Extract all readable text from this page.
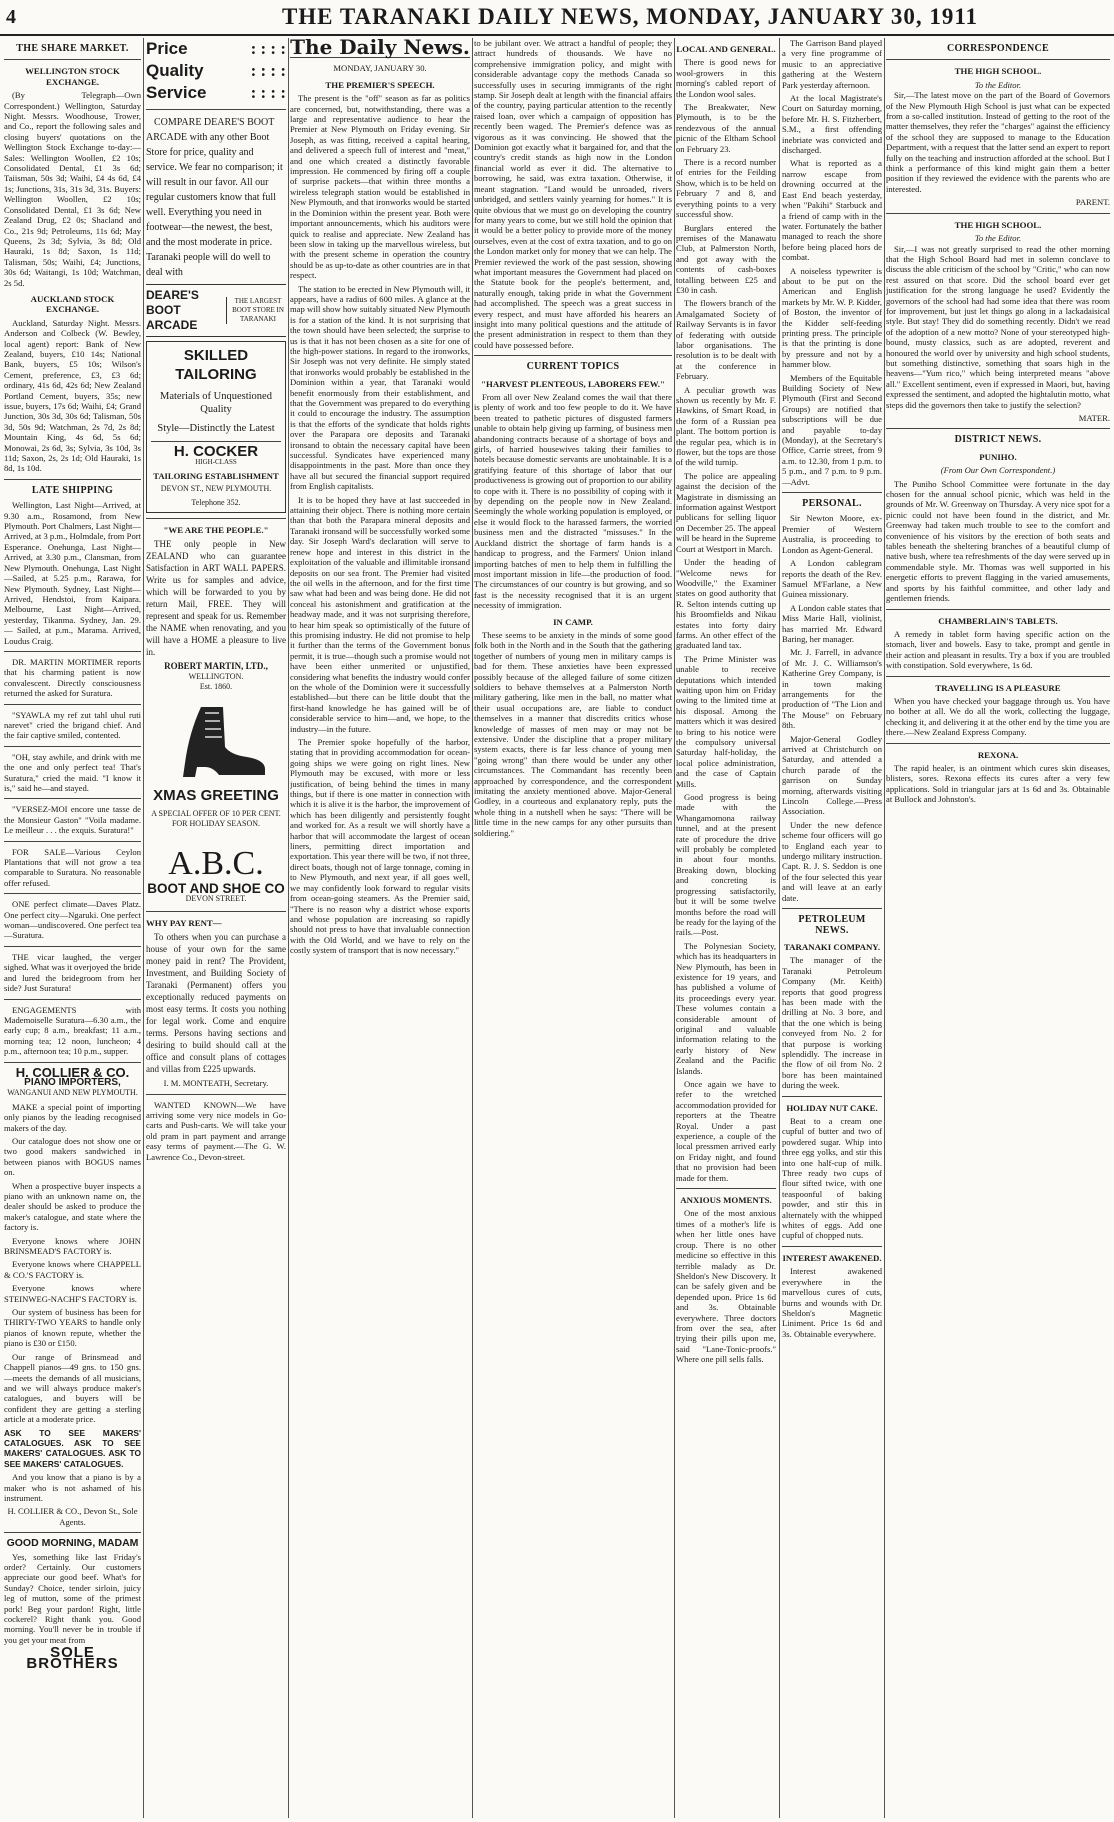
4	THE TARANAKI DAILY NEWS, MONDAY, JANUARY 30, 1911
THE SHARE MARKET.
WELLINGTON STOCK EXCHANGE.

(By Telegraph—Own Correspondent.) Wellington, Saturday Night. Messrs. Woodhouse, Trower, and Co., report the following sales and closing buyers' quotations on the Wellington Stock Exchange to-day:—Sales: Wellington Woollen, £2 10s; Consolidated Dental, £1 3s 6d; Taiisman, 50s 3d; Waihi, £4 4s 6d, £4 1s; Junctions, 31s, 31s 3d, 31s. Buyers: Wellington Woollen, £2 10s; Consolidated Dental, £1 3s 6d; New Zealand Drug, £2 0s; Shacland and Co., 21s 9d; Petroleums, 11s 6d; May Queens, 2s 3d; Sylvia, 3s 8d; Old Hauraki, 1s 8d; Saxon, 1s 11d; Talisman, 50s; Waihi, £4; Junctions, 30s 6d; Waitangi, 1s 10d; Watchman, 2s 5d.

AUCKLAND STOCK EXCHANGE.

Auckland, Saturday Night. Messrs. Anderson and Colbeck (W. Bewley, local agent) report: Bank of New Zealand, buyers, £10 14s; National Bank, buyers, £5 10s; Wilson's Cement, preference, £3, £3 6d; ordinary, 41s 6d, 42s 6d; New Zealand Portland Cement, buyers, 35s; new issue, buyers, 17s 6d; Waihi, £4; Grand Junction, 30s 3d, 30s 6d; Talisman, 50s 3d, 50s 9d; Watchman, 2s 7d, 2s 8d; Mountain King, 4s 6d, 5s 6d; Monowai, 2s 6d, 3s; Sylvia, 3s 10d, 3s 11d; Saxon, 2s, 2s 1d; Old Hauraki, 1s 8d, 1s 10d.

LATE SHIPPING

Wellington, Last Night—Arrived, at 9.30 a.m., Rosamond, from New Plymouth. Port Chalmers, Last Night—Arrived, at 3 p.m., Holmdale, from Port Esperance. Onehunga, Last Night—Arrived, at 3.30 p.m., Clansman, from New Plymouth. Onehunga, Last Night—Sailed, at 5.25 p.m., Rarawa, for New Plymouth. Sydney, Last Night—Arrived, Hendstoi, from Kaipara. Melbourne, Last Night—Arrived, yesterday, Tikanma. Sydney, Jan. 29. — Sailed, at p.m., Marama. Arrived, Loudus Craig.

DR. MARTIN MORTIMER reports that his charming patient is now convalescent. Directly consciousness returned the asked for Suratura.

"SYAWLA my ref zut tahl uhul ruti narevet" cried the brigand chief. And the fair captive smiled, contented.

"OH, stay awhile, and drink with me the one and only perfect tea! That's Suratura," cried the maid. "I know it is," said he—and stayed.

"VERSEZ-MOI encore une tasse de the Monsieur Gaston" "Voila madame. Le meilleur . . . the exquis. Suratura!"

FOR SALE—Various Ceylon Plantations that will not grow a tea comparable to Suratura. No reasonable offer refused.

ONE perfect climate—Daves Platz. One perfect city—Ngaruki. One perfect woman—undiscovered. One perfect tea—Suratura.

THE vicar laughed, the verger sighed. What was it overjoyed the bride and lured the bridegroom from her side? Just Suratura!

ENGAGEMENTS with Mademoiselle Suratura—6.30 a.m., the early cup; 8 a.m., breakfast; 11 a.m., morning tea; 12 noon, luncheon; 4 p.m., afternoon tea; 10 p.m., supper.

H. COLLIER & CO.
PIANO IMPORTERS,
WANGANUI AND NEW PLYMOUTH.

MAKE a special point of importing only pianos by the leading recognised makers of the day.

Our catalogue does not show one or two good makers sandwiched in between pianos with BOGUS names on.

When a prospective buyer inspects a piano with an unknown name on, the dealer should be asked to produce the maker's catalogue, and state where the factory is.

Everyone knows where JOHN BRINSMEAD'S FACTORY is.

Everyone knows where CHAPPELL & CO.'S FACTORY is.

Everyone knows where STEINWEG-NACHF'S FACTORY is.

Our system of business has been for THIRTY-TWO YEARS to handle only pianos of known repute, whether the piano is £30 or £150.

Our range of Brinsmead and Chappell pianos—49 gns. to 150 gns.—meets the demands of all musicians, and we will always produce maker's catalogues, and buyers will be confident they are getting a sterling article at a moderate price.

ASK TO SEE MAKERS' CATALOGUES. ASK TO SEE MAKERS' CATALOGUES. ASK TO SEE MAKERS' CATALOGUES.

And you know that a piano is by a maker who is not ashamed of his instrument.

H. COLLIER & CO., Devon St., Sole Agents.

GOOD MORNING, MADAM

Yes, something like last Friday's order? Certainly. Our customers appreciate our good beef. What's for Sunday? Choice, tender sirloin, juicy leg of mutton, some of the primest pork! Beg your pardon! Right, little cockerel? Right thank you. Good morning. You'll never be in trouble if you get your meat from

SOLE BROTHERS
Price	: : : :
Quality	: : : :
Service	: : : :

COMPARE DEARE'S BOOT ARCADE with any other Boot Store for price, quality and service. We fear no comparison; it will result in our favor. All our regular customers know that full well. Everything you need in footwear—the newest, the best, and the most moderate in price. Taranaki people will do well to deal with

DEARE'S BOOT ARCADE
THE LARGEST BOOT STORE IN TARANAKI
SKILLED TAILORING
Materials of Unquestioned Quality
Style—Distinctly the Latest
H. COCKER
HIGH-CLASS
TAILORING ESTABLISHMENT
DEVON ST., NEW PLYMOUTH.
Telephone 352.
"WE ARE THE PEOPLE."

THE only people in New ZEALAND who can guarantee Satisfaction in ART WALL PAPERS. Write us for samples and advice, which will be forwarded to you by return Mail, FREE. They will represent and speak for us. Remember the NAME when renovating, and you will have a HOME a pleasure to live in.

ROBERT MARTIN, LTD.,
WELLINGTON.
Est. 1860.
XMAS GREETING
A SPECIAL OFFER OF 10 PER CENT. FOR HOLIDAY SEASON.
A.B.C.
BOOT AND SHOE CO
DEVON STREET.
WHY PAY RENT—

To others when you can purchase a house of your own for the same money paid in rent? The Provident, Investment, and Building Society of Taranaki (Permanent) offers you exceptionally reduced payments on most easy terms. It costs you nothing for legal work. Come and enquire terms. Persons having sections and desiring to build should call at the office and consult plans of cottages and villas from £225 upwards.

I. M. MONTEATH, Secretary.

WANTED KNOWN—We have arriving some very nice models in Go-carts and Push-carts. We will take your old pram in part payment and arrange easy terms of payment.—The G. W. Lawrence Co., Devon-street.

The Daily News.
MONDAY, JANUARY 30.
THE PREMIER'S SPEECH.

The present is the "off" season as far as politics are concerned, but, notwithstanding, there was a large and representative audience to hear the Premier at New Plymouth on Friday evening. Sir Joseph, as was fitting, received a capital hearing, and delivered a speech full of interest and "meat," and one which created a distinctly favorable impression. He commenced by firing off a couple of surprise packets—that within three months a wireless telegraph station would be established in New Plymouth, and that ironworks would be started in the Dominion within the present year. Both were important announcements, which his auditors were quick to realise and appreciate. New Zealand has been slow in taking up the marvellous wireless, but with the present scheme in operation the country should be as up-to-date as other countries are in that respect.

The station to be erected in New Plymouth will, it appears, have a radius of 600 miles. A glance at the map will show how suitably situated New Plymouth is for a station of the kind. It is not surprising that the town should have been selected; the surprise to us is that it has not been chosen as a site for one of the high-power stations. In regard to the ironworks, Sir Joseph was not very definite. He simply stated that ironworks would probably be established in the Dominion within a year, that Taranaki would benefit enormously from their establishment, and that the Government was prepared to do everything it could to encourage the industry. The assumption is that the efforts of the syndicate that holds rights over the Parapara ore deposits and Taranaki ironsand to obtain the necessary capital have been successful. Syndicates have experienced many disappointments in the past. More than once they have all but secured the financial support required from English capitalists.

It is to be hoped they have at last succeeded in attaining their object. There is nothing more certain than that both the Parapara mineral deposits and Taranaki ironsand will be successfully worked some day. Sir Joseph Ward's declaration will serve to renew hope and interest in this district in the exploitation of the valuable and illimitable ironsand deposits on our sea front. The Premier had visited the oil wells in the afternoon, and for the first time saw what had been and was being done. He did not conceal his astonishment and gratification at the headway made, and it was not surprising therefore, to hear him speak so optimistically of the future of this promising industry. He did not promise to help it further than the terms of the Government bonus permit, it is true—though such a promise would not have been either unmerited or unjustified, considering what benefits the industry would confer on the whole of the Dominion were it successfully established—but there can be little doubt that the first-hand knowledge he has gained will be of considerable service to him—and, we hope, to the industry—in the future.

The Premier spoke hopefully of the harbor, stating that in providing accommodation for ocean-going ships we were going on right lines. New Plymouth may be excused, with more or less justification, of being behind the times in many things, but if there is one matter in connection with which it is alive it is the harbor, the improvement of which has been diligently and persistently fought and worked for. As a result we will shortly have a harbor that will accommodate the largest of ocean liners, permitting direct importation and exportation. This year there will be two, if not three, direct boats, though not of large tonnage, coming in to New Plymouth, and next year, if all goes well, we may confidently look forward to regular visits from ocean-going steamers. As the Premier said, "There is no reason why a district whose exports and whose population are increasing so rapidly should not press to have that invaluable connection with the Old World, and we have to rely on the costly system of transport that is now necessary."

to be jubilant over. We attract a handful of people; they attract hundreds of thousands. We have no comprehensive immigration policy, and might with considerable advantage copy the methods Canada so successfully uses in securing immigrants of the right stamp. Sir Joseph dealt at length with the financial affairs of the country, paying particular attention to the recently raised loan, over which a campaign of opposition has recently been waged. The Premier's defence was as vigorous as it was convincing. He showed that the Dominion got exactly what it bargained for, and that the country's credit stands as high now in the London financial world as ever it did. The alternative to borrowing, he said, was extra taxation. Otherwise, it meant stagnation. "Land would be unroaded, rivers unbridged, and settlers vainly yearning for homes." It is quite obvious that we must go on developing the country for many years to come, but we still hold the opinion that it would be a better policy to provide more of the money ourselves, even at the cost of extra taxation, and to go on the London market only for money that we can help. The Premier reviewed the work of the past session, showing what important measures the Government had placed on the Statute book for the people's betterment, and, naturally enough, taking pride in what the Government had accomplished. The speech was a great success in every respect, and must have afforded his hearers an insight into many political questions and the attitude of the present administration in respect to them than they could have possessed before.

CURRENT TOPICS
"HARVEST PLENTEOUS, LABORERS FEW."

From all over New Zealand comes the wail that there is plenty of work and too few people to do it. We have been treated to pathetic pictures of disgusted farmers unable to obtain help giving up farming, of business men abandoning contracts because of a shortage of boys and girls, of harried housewives taking their families to hotels because domestic servants are unobtainable. It is a gratifying feature of this shortage of labor that our productiveness is growing out of proportion to our ability to cope with it. There is no possibility of coping with it by depending on the people now in New Zealand. Seemingly the whole working population is employed, or else it would flock to the harassed farmers, the worried business men and the distracted "missuses." In the Auckland district the shortage of farm hands is a handicap to progress, and the Farmers' Union inland importing batches of men to help them in fulfilling the most important mission in life—the production of food. The circumstances of our country is but growing, and so fast is the necessity recognised that it is an urgent necessity of immigration.

IN CAMP.

These seems to be anxiety in the minds of some good folk both in the North and in the South that the gathering together of numbers of young men in military camps is bad for them. These anxieties have been expressed possibly because of the alleged failure of some citizen soldiers to behave themselves at a Palmerston North military gathering, like men in the ball, no matter what their usual occupations are, are liable to conduct themselves in a manner that discredits critics whose knowledge of masses of men may or may not be extensive. Under the discipline that a proper military system exacts, there is far less chance of young men "going wrong" than there would be under any other circumstances. The Commandant has recently been approached by correspondence, and the correspondent imitating the anxiety mentioned above. Major-General Godley, in a courteous and explanatory reply, puts the whole thing in a nutshell when he says: "There will be little time in the new camps for any other pursuits than soldiering."

LOCAL AND GENERAL.

There is good news for wool-growers in this morning's cabled report of the London wool sales.

The Breakwater, New Plymouth, is to be the rendezvous of the annual picnic of the Eltham School on February 23.

There is a record number of entries for the Feilding Show, which is to be held on February 7 and 8, and everything points to a very successful show.

Burglars entered the premises of the Manawatu Club, at Palmerston North, and got away with the contents of cash-boxes totalling between £25 and £30 in cash.

The flowers branch of the Amalgamated Society of Railway Servants is in favor of federating with outside labor organisations. The resolution is to be dealt with at the conference in February.

A peculiar growth was shown us recently by Mr. F. Hawkins, of Smart Road, in the form of a Russian pea plant. The bottom portion is the regular pea, which is in flower, but the tops are those of the wild turnip.

The police are appealing against the decision of the Magistrate in dismissing an information against Westport publicans for selling liquor on December 25. The appeal will be heard in the Supreme Court at Westport in March.

Under the heading of "Welcome news for Woodville," the Examiner states on good authority that R. Selton intends cutting up his Broomfields and Nikau estates into forty dairy farms. An other effect of the graduated land tax.

The Prime Minister was unable to receive deputations which intended waiting upon him on Friday owing to the limited time at his disposal. Among the matters which it was desired to bring to his notice were the compulsory universal Saturday half-holiday, the local police administration, and the case of Captain Mills.

Good progress is being made with the Whangamomona railway tunnel, and at the present rate of procedure the drive will probably be completed in about four months. Breaking down, blocking and concreting is progressing satisfactorily, but it will be some twelve months before the road will be ready for the laying of the rails.—Post.

The Polynesian Society, which has its headquarters in New Plymouth, has been in existence for 19 years, and has published a volume of its proceedings every year. These volumes contain a considerable amount of original and valuable information relating to the early history of New Zealand and the Pacific Islands.

Once again we have to refer to the wretched accommodation provided for reporters at the Theatre Royal. Under a past experience, a couple of the local pressmen arrived early on Friday night, and found that no provision had been made for them.

ANXIOUS MOMENTS.

One of the most anxious times of a mother's life is when her little ones have croup. There is no other medicine so effective in this terrible malady as Dr. Sheldon's New Discovery. It can be safely given and be depended upon. Price 1s 6d and 3s. Obtainable everywhere. Three doctors from over the sea, after trying their pills upon me, said "Lane-Tonic-proofs." Where one pill sells falls.

The Garrison Band played a very fine programme of music to an appreciative gathering at the Western Park yesterday afternoon.

At the local Magistrate's Court on Saturday morning, before Mr. H. S. Fitzherbert, S.M., a first offending inebriate was convicted and discharged.

What is reported as a narrow escape from drowning occurred at the East End beach yesterday, when "Pakihi" Starbuck and a friend of camp with in the water. Fortunately the bather managed to reach the shore before being placed hors de combat.

A noiseless typewriter is about to be put on the American and English markets by Mr. W. P. Kidder, of Boston, the inventor of the Kidder self-feeding printing press. The principle is that the printing is done by pressure and not by a hammer blow.

Members of the Equitable Building Society of New Plymouth (First and Second Groups) are notified that subscriptions will be due and payable to-day (Monday), at the Secretary's Office, Carrie street, from 9 a.m. to 12.30, from 1 p.m. to 5 p.m., and 7 p.m. to 9 p.m.—Advt.

PERSONAL.

Sir Newton Moore, ex-Premier of Western Australia, is proceeding to London as Agent-General.

A London cablegram reports the death of the Rev. Samuel M'Farlane, a New Guinea missionary.

A London cable states that Miss Marie Hall, violinist, has married Mr. Edward Baring, her manager.

Mr. J. Farrell, in advance of Mr. J. C. Williamson's Katherine Grey Company, is in town making arrangements for the production of "The Lion and The Mouse" on February 8th.

Major-General Godley arrived at Christchurch on Saturday, and attended a church parade of the garrison on Sunday morning, afterwards visiting Lincoln College.—Press Association.

Under the new defence scheme four officers will go to England each year to undergo military instruction. Capt. R. J. S. Seddon is one of the four selected this year and will leave at an early date.

PETROLEUM NEWS.
TARANAKI COMPANY.

The manager of the Taranaki Petroleum Company (Mr. Keith) reports that good progress has been made with the drilling at No. 3 bore, and that the one which is being conveyed from No. 2 for that purpose is working splendidly. The increase in the flow of oil from No. 2 bore has been maintained during the week.

HOLIDAY NUT CAKE.

Beat to a cream one cupful of butter and two of powdered sugar. Whip into three egg yolks, and stir this into one half-cup of milk. Three ready two cups of flour sifted twice, with one teaspoonful of baking powder, and stir this in alternately with the whipped whites of eggs. Add one cupful of chopped nuts.

INTEREST AWAKENED.

Interest awakened everywhere in the marvellous cures of cuts, burns and wounds with Dr. Sheldon's Magnetic Liniment. Price 1s 6d and 3s. Obtainable everywhere.

CORRESPONDENCE
THE HIGH SCHOOL.
To the Editor.

Sir,—The latest move on the part of the Board of Governors of the New Plymouth High School is just what can be expected from a so-called institution. Instead of getting to the root of the matter themselves, they refer the "charges" against the efficiency of the school they are supposed to manage to the Education Department, with a request that the latter send an expert to report fully on the teaching and instruction afforded at the school. But I think a performance of this kind might gain them a better position if they reviewed the evidence with the parents who are interested.

PARENT.

THE HIGH SCHOOL.
To the Editor.

Sir,—I was not greatly surprised to read the other morning that the High School Board had met in solemn conclave to discuss the able criticism of the school by "Critic," who can now rest assured on that score. Did the school board ever get justification for the strong language he used? Evidently the governors of the school had had some idea that there was room for improvement, but just let things go along in a lackadaisical style. But stay! They did do something recently. Didn't we read of the adoption of a new motto? None of your stereotyped high-bound, musty classics, such as are adopted, reverent and honoured the world over by university and high school students, but something distinctive, something that soars high in the heavens—"Yum rico," which being interpreted means "above all." Excellent sentiment, even if expressed in Maori, but, having expressed the sentiment, and adopted the hightalutin motto, what steps did the governors then take to justify the selection?

MATER.

DISTRICT NEWS.
PUNIHO.
(From Our Own Correspondent.)

The Puniho School Committee were fortunate in the day chosen for the annual school picnic, which was held in the grounds of Mr. W. Greenway on Thursday. A very nice spot for a picnic could not have been found in the district, and Mr. Greenway had taken much trouble to see to the comfort and convenience of his visitors by the erection of both seats and tables beneath the sheltering branches of a beautiful clump of native bush, where tea refreshments of the day were served up in commendable style. Mr. Thomas was well supported in his energetic efforts to prevent flagging in the varied amusements, and sports by his faithful committee, and other lady and gentlemen friends.

CHAMBERLAIN'S TABLETS.

A remedy in tablet form having specific action on the stomach, liver and bowels. Easy to take, prompt and gentle in their action and pleasant in results. Try a box if you are troubled with constipation. Sold everywhere, 1s 6d.

TRAVELLING IS A PLEASURE

When you have checked your baggage through us. You have no bother at all. We do all the work, collecting the luggage, checking it, and delivering it at the other end by the time you are there.—New Zealand Express Company.

REXONA.

The rapid healer, is an ointment which cures skin diseases, blisters, sores. Rexona effects its cures after a very few applications. Sold in triangular jars at 1s 6d and 3s. Obtainable at Bullock and Johnston's.
